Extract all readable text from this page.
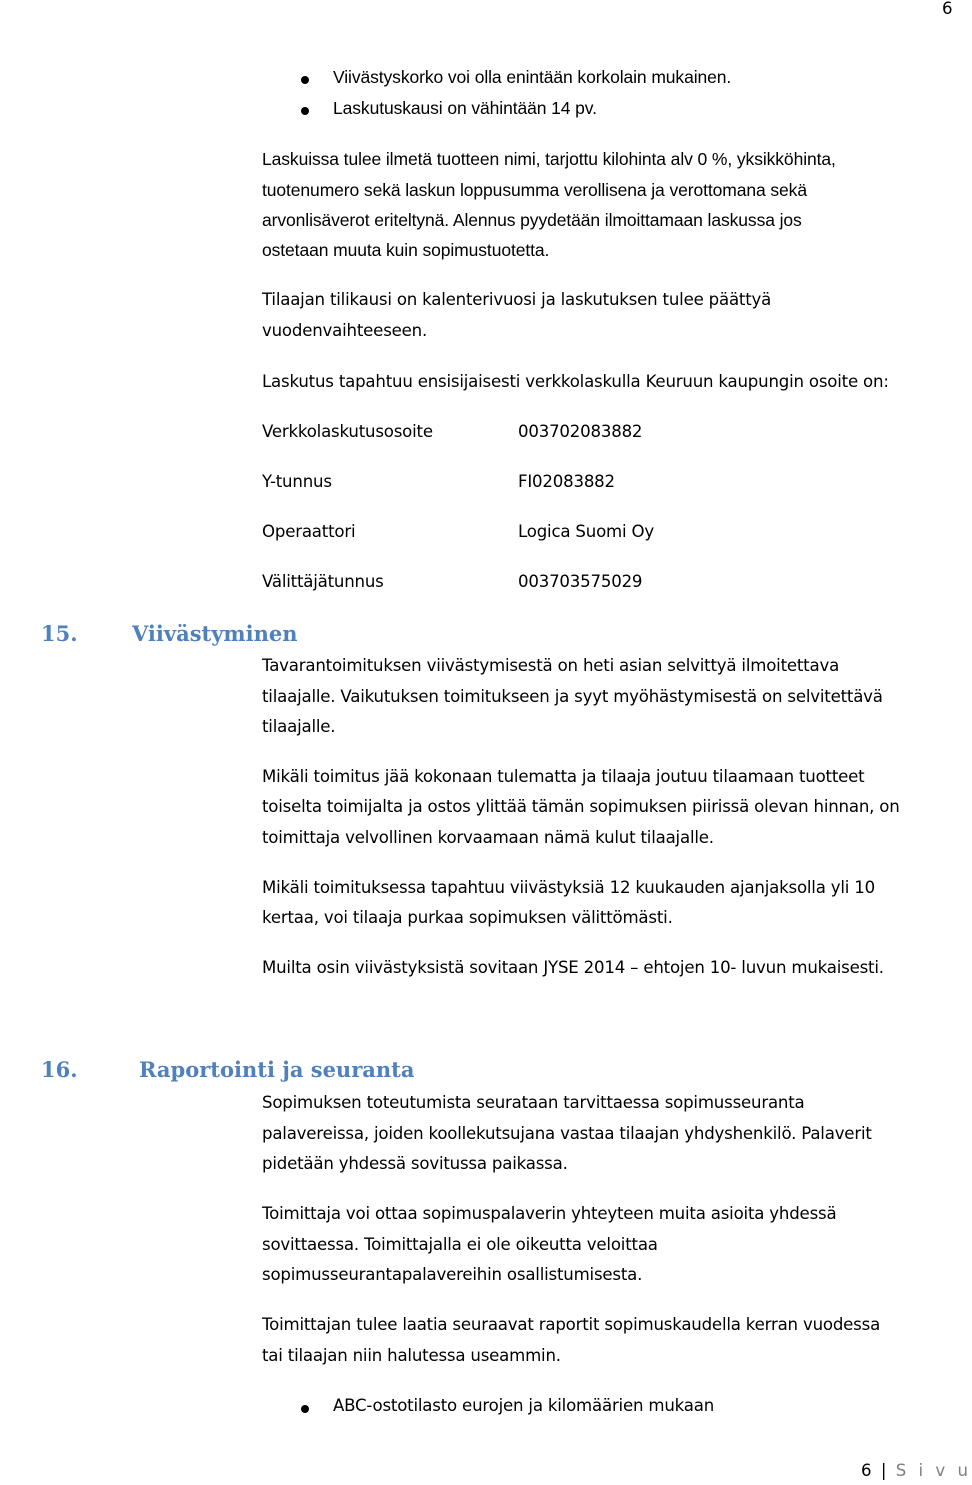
6
Viivästyskorko voi olla enintään korkolain mukainen.
Laskutuskausi on vähintään 14 pv.
Laskuissa tulee ilmetä tuotteen nimi, tarjottu kilohinta alv 0 %, yksikköhinta,
tuotenumero sekä laskun loppusumma verollisena ja verottomana sekä
arvonlisäverot eriteltynä. Alennus pyydetään ilmoittamaan laskussa jos
ostetaan muuta kuin sopimustuotetta.
Tilaajan tilikausi on kalenterivuosi ja laskutuksen tulee päättyä
vuodenvaihteeseen.
Laskutus tapahtuu ensisijaisesti verkkolaskulla Keuruun kaupungin osoite on:
Verkkolaskutusosoite	003702083882
Y-tunnus	FI02083882
Operaattori	Logica Suomi Oy
Välittäjätunnus	003703575029
15.	Viivästyminen
Tavarantoimituksen viivästymisestä on heti asian selvittyä ilmoitettava
tilaajalle. Vaikutuksen toimitukseen ja syyt myöhästymisestä on selvitettävä
tilaajalle.
Mikäli toimitus jää kokonaan tulematta ja tilaaja joutuu tilaamaan tuotteet
toiselta toimijalta ja ostos ylittää tämän sopimuksen piirissä olevan hinnan, on
toimittaja velvollinen korvaamaan nämä kulut tilaajalle.
Mikäli toimituksessa tapahtuu viivästyksiä 12 kuukauden ajanjaksolla yli 10
kertaa, voi tilaaja purkaa sopimuksen välittömästi.
Muilta osin viivästyksistä sovitaan JYSE 2014 – ehtojen 10- luvun mukaisesti.
16.	Raportointi ja seuranta
Sopimuksen toteutumista seurataan tarvittaessa sopimusseuranta
palavereissa, joiden koollekutsujana vastaa tilaajan yhdyshenkilö. Palaverit
pidetään yhdessä sovitussa paikassa.
Toimittaja voi ottaa sopimuspalaverin yhteyteen muita asioita yhdessä
sovittaessa. Toimittajalla ei ole oikeutta veloittaa
sopimusseurantapalavereihin osallistumisesta.
Toimittajan tulee laatia seuraavat raportit sopimuskaudella kerran vuodessa
tai tilaajan niin halutessa useammin.
ABC-ostotilasto eurojen ja kilomäärien mukaan
6 | S i v u
